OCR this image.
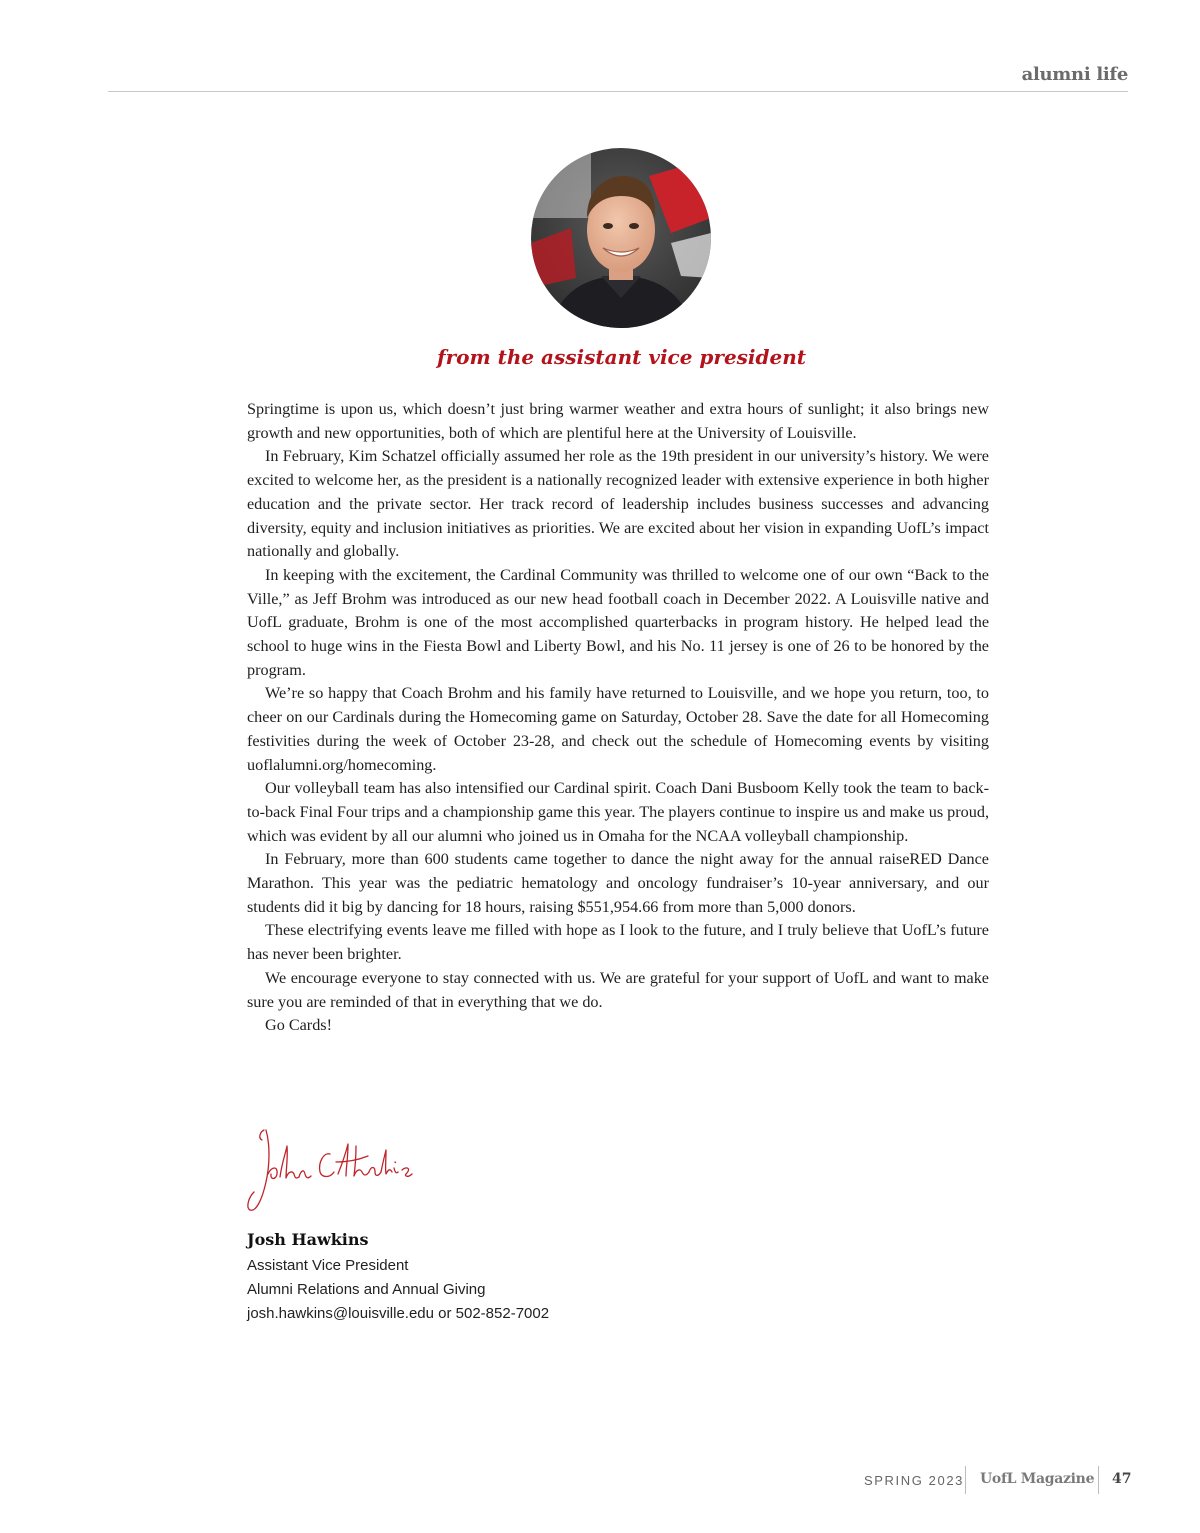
alumni life
from the assistant vice president

Springtime is upon us, which doesn’t just bring warmer weather and extra hours of sunlight; it also brings new growth and new opportunities, both of which are plentiful here at the University of Louisville.

In February, Kim Schatzel officially assumed her role as the 19th president in our university’s history. We were excited to welcome her, as the president is a nationally recognized leader with extensive experience in both higher education and the private sector. Her track record of leadership includes business successes and advancing diversity, equity and inclusion initiatives as priorities. We are excited about her vision in expanding UofL’s impact nationally and globally.

In keeping with the excitement, the Cardinal Community was thrilled to welcome one of our own “Back to the Ville,” as Jeff Brohm was introduced as our new head football coach in December 2022. A Louisville native and UofL graduate, Brohm is one of the most accomplished quarterbacks in program history. He helped lead the school to huge wins in the Fiesta Bowl and Liberty Bowl, and his No. 11 jersey is one of 26 to be honored by the program.

We’re so happy that Coach Brohm and his family have returned to Louisville, and we hope you return, too, to cheer on our Cardinals during the Homecoming game on Saturday, October 28. Save the date for all Homecoming festivities during the week of October 23-28, and check out the schedule of Homecoming events by visiting uoflalumni.org/homecoming.

Our volleyball team has also intensified our Cardinal spirit. Coach Dani Busboom Kelly took the team to back-to-back Final Four trips and a championship game this year. The players continue to inspire us and make us proud, which was evident by all our alumni who joined us in Omaha for the NCAA volleyball championship.

In February, more than 600 students came together to dance the night away for the annual raiseRED Dance Marathon. This year was the pediatric hematology and oncology fundraiser’s 10-year anniversary, and our students did it big by dancing for 18 hours, raising $551,954.66 from more than 5,000 donors.

These electrifying events leave me filled with hope as I look to the future, and I truly believe that UofL’s future has never been brighter.

We encourage everyone to stay connected with us. We are grateful for your support of UofL and want to make sure you are reminded of that in everything that we do.

Go Cards!

Josh Hawkins
Assistant Vice President
Alumni Relations and Annual Giving
josh.hawkins@louisville.edu or 502-852-7002
SPRING 2023 UofL Magazine 47
